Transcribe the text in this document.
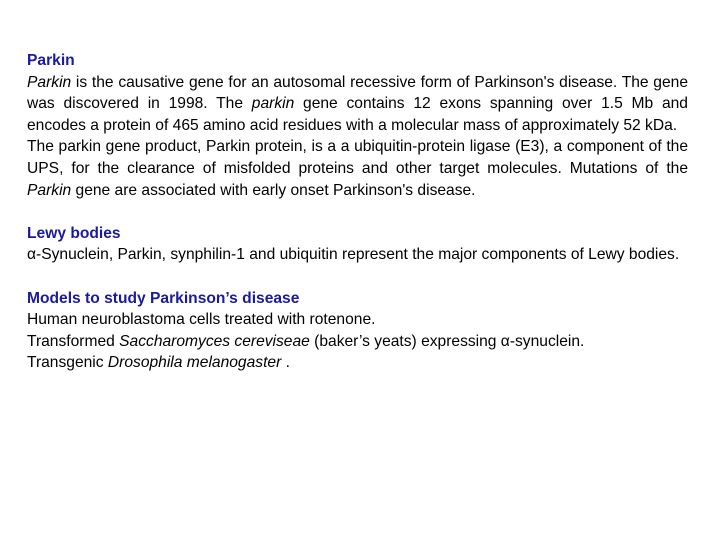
Parkin
Parkin is the causative gene for an autosomal recessive form of Parkinson's disease. The gene was discovered in 1998. The parkin gene contains 12 exons spanning over 1.5 Mb and encodes a protein of 465 amino acid residues with a molecular mass of approximately 52 kDa.
The parkin gene product, Parkin protein, is a a ubiquitin-protein ligase (E3), a component of the UPS, for the clearance of misfolded proteins and other target molecules. Mutations of the Parkin gene are associated with early onset Parkinson's disease.
Lewy bodies
α-Synuclein, Parkin, synphilin-1 and ubiquitin represent the major components of Lewy bodies.
Models to study Parkinson’s disease
Human neuroblastoma cells treated with rotenone.
Transformed Saccharomyces cereviseae (baker’s yeats) expressing α-synuclein.
Transgenic Drosophila melanogaster .
